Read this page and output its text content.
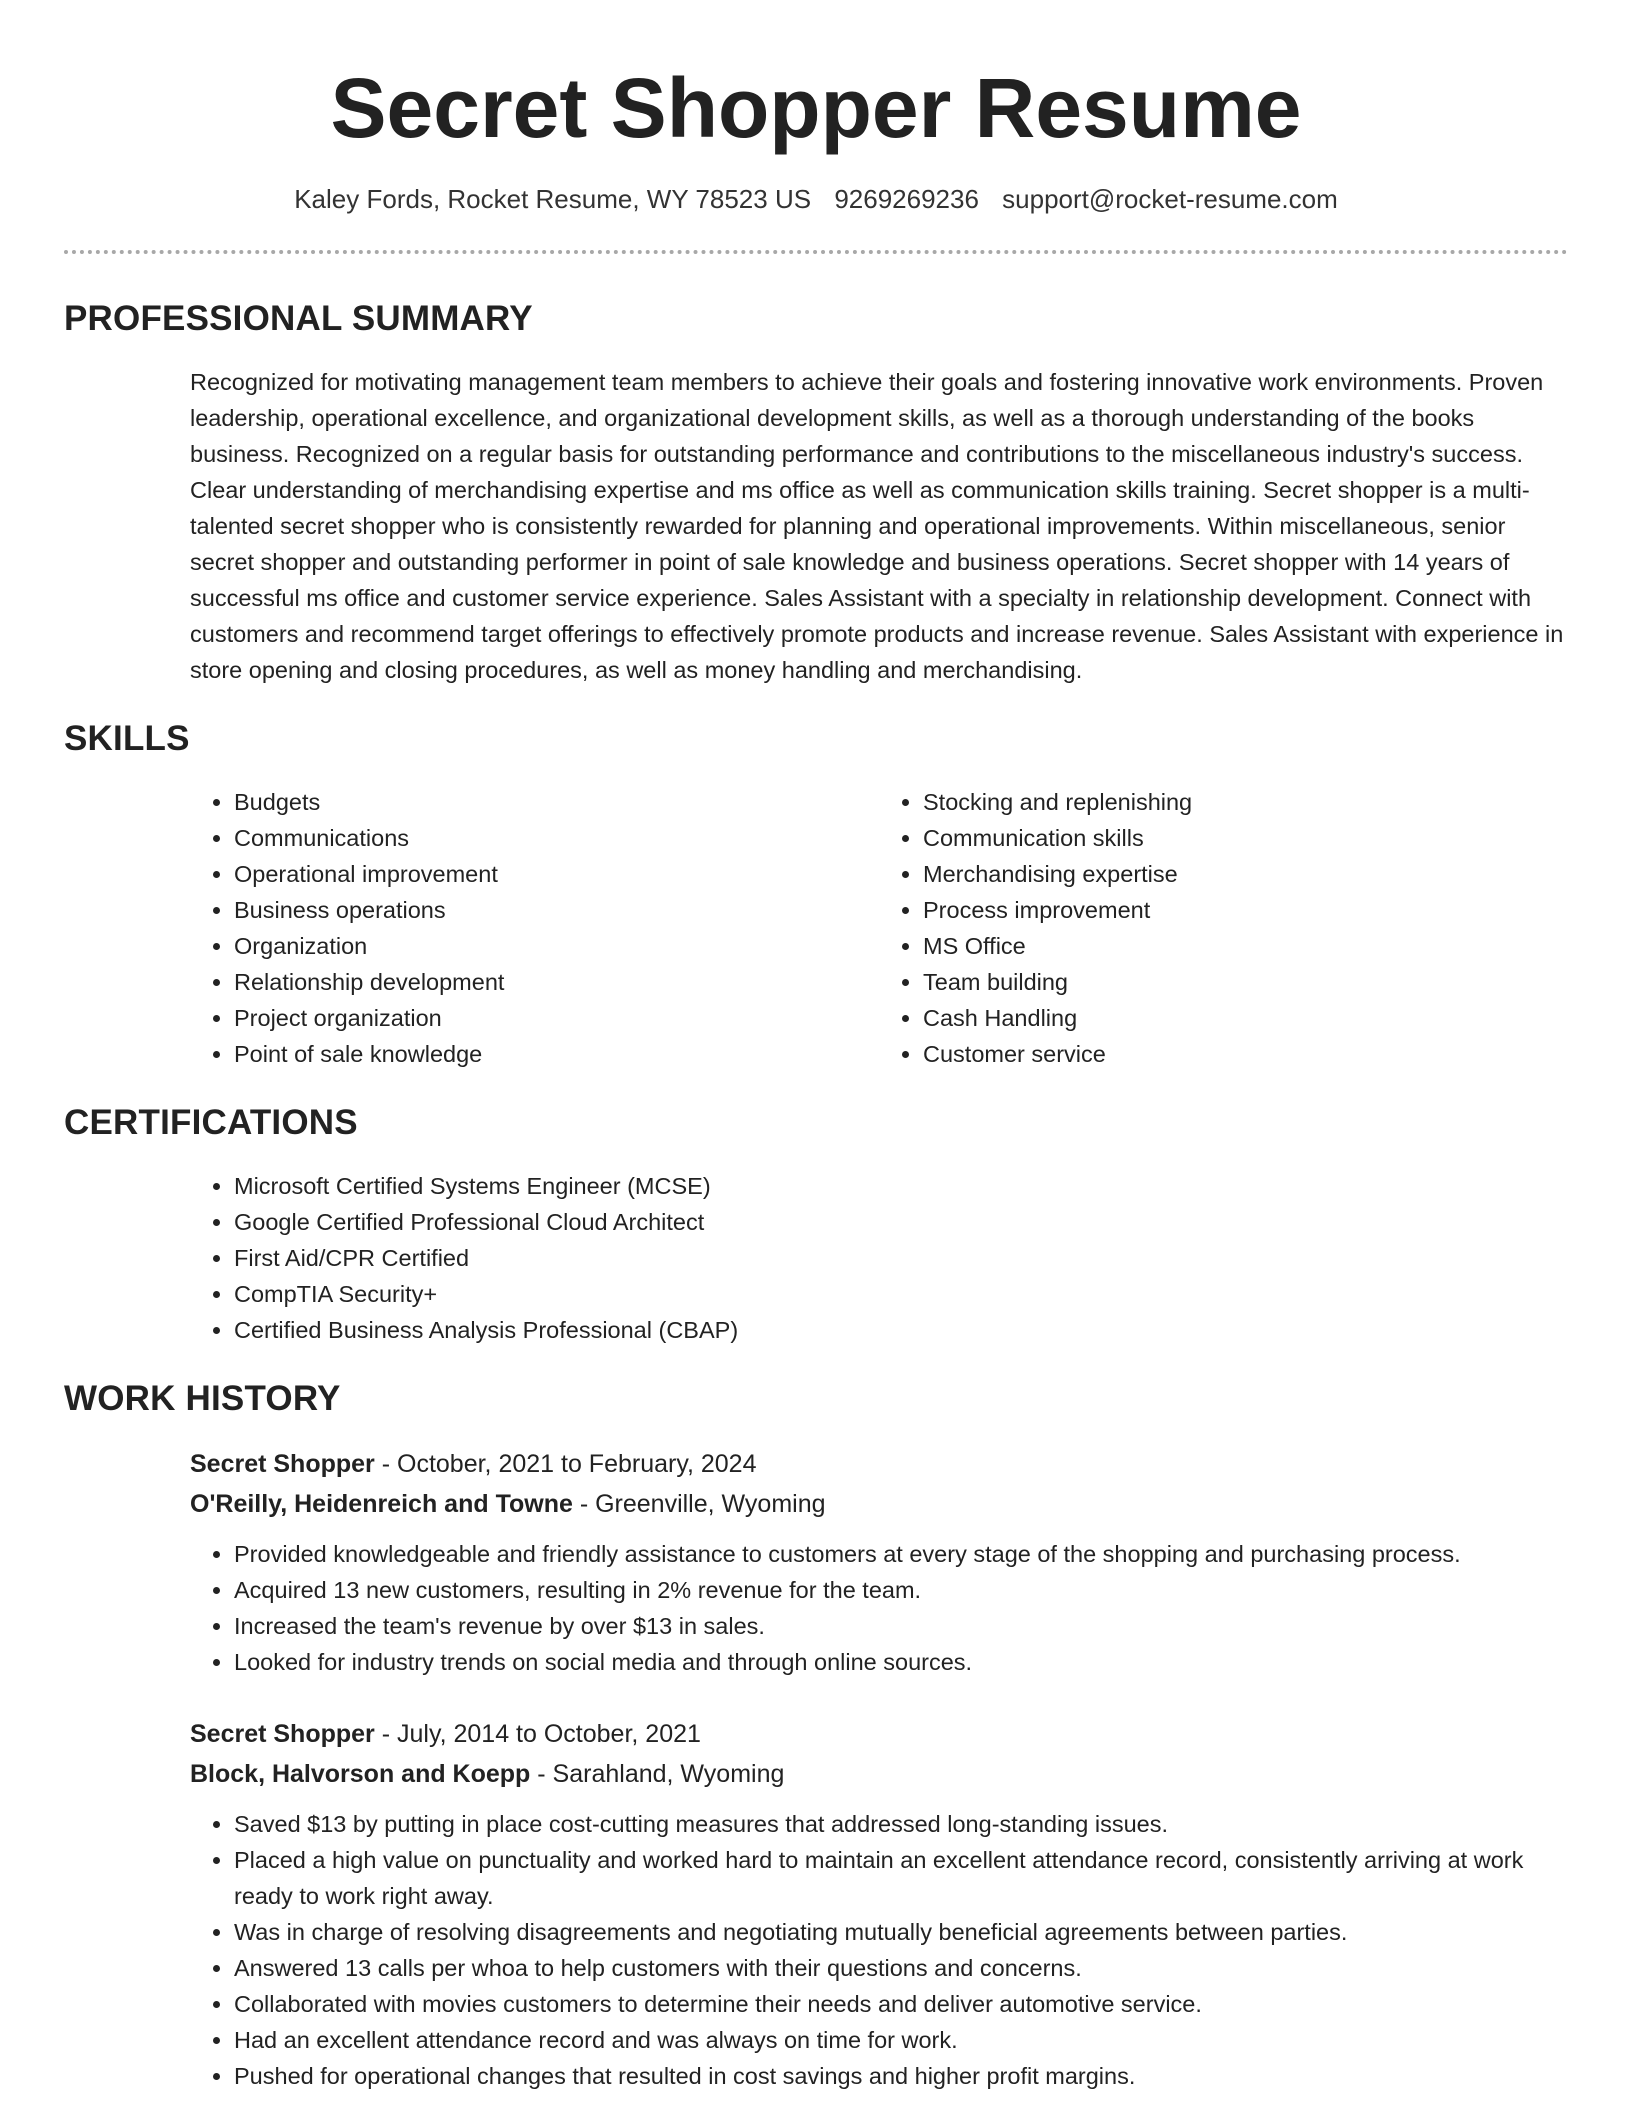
Secret Shopper Resume
Kaley Fords, Rocket Resume, WY 78523 US 9269269236 support@rocket-resume.com
PROFESSIONAL SUMMARY

Recognized for motivating management team members to achieve their goals and fostering innovative work environments. Proven leadership, operational excellence, and organizational development skills, as well as a thorough understanding of the books business. Recognized on a regular basis for outstanding performance and contributions to the miscellaneous industry's success. Clear understanding of merchandising expertise and ms office as well as communication skills training. Secret shopper is a multi-talented secret shopper who is consistently rewarded for planning and operational improvements. Within miscellaneous, senior secret shopper and outstanding performer in point of sale knowledge and business operations. Secret shopper with 14 years of successful ms office and customer service experience. Sales Assistant with a specialty in relationship development. Connect with customers and recommend target offerings to effectively promote products and increase revenue. Sales Assistant with experience in store opening and closing procedures, as well as money handling and merchandising.

SKILLS
• Budgets
• Communications
• Operational improvement
• Business operations
• Organization
• Relationship development
• Project organization
• Point of sale knowledge
• Stocking and replenishing
• Communication skills
• Merchandising expertise
• Process improvement
• MS Office
• Team building
• Cash Handling
• Customer service
CERTIFICATIONS
• Microsoft Certified Systems Engineer (MCSE)
• Google Certified Professional Cloud Architect
• First Aid/CPR Certified
• CompTIA Security+
• Certified Business Analysis Professional (CBAP)
WORK HISTORY

Secret Shopper - October, 2021 to February, 2024

O'Reilly, Heidenreich and Towne - Greenville, Wyoming

• Provided knowledgeable and friendly assistance to customers at every stage of the shopping and purchasing process.
• Acquired 13 new customers, resulting in 2% revenue for the team.
• Increased the team's revenue by over $13 in sales.
• Looked for industry trends on social media and through online sources.

Secret Shopper - July, 2014 to October, 2021

Block, Halvorson and Koepp - Sarahland, Wyoming

• Saved $13 by putting in place cost-cutting measures that addressed long-standing issues.
• Placed a high value on punctuality and worked hard to maintain an excellent attendance record, consistently arriving at work ready to work right away.
• Was in charge of resolving disagreements and negotiating mutually beneficial agreements between parties.
• Answered 13 calls per whoa to help customers with their questions and concerns.
• Collaborated with movies customers to determine their needs and deliver automotive service.
• Had an excellent attendance record and was always on time for work.
• Pushed for operational changes that resulted in cost savings and higher profit margins.
